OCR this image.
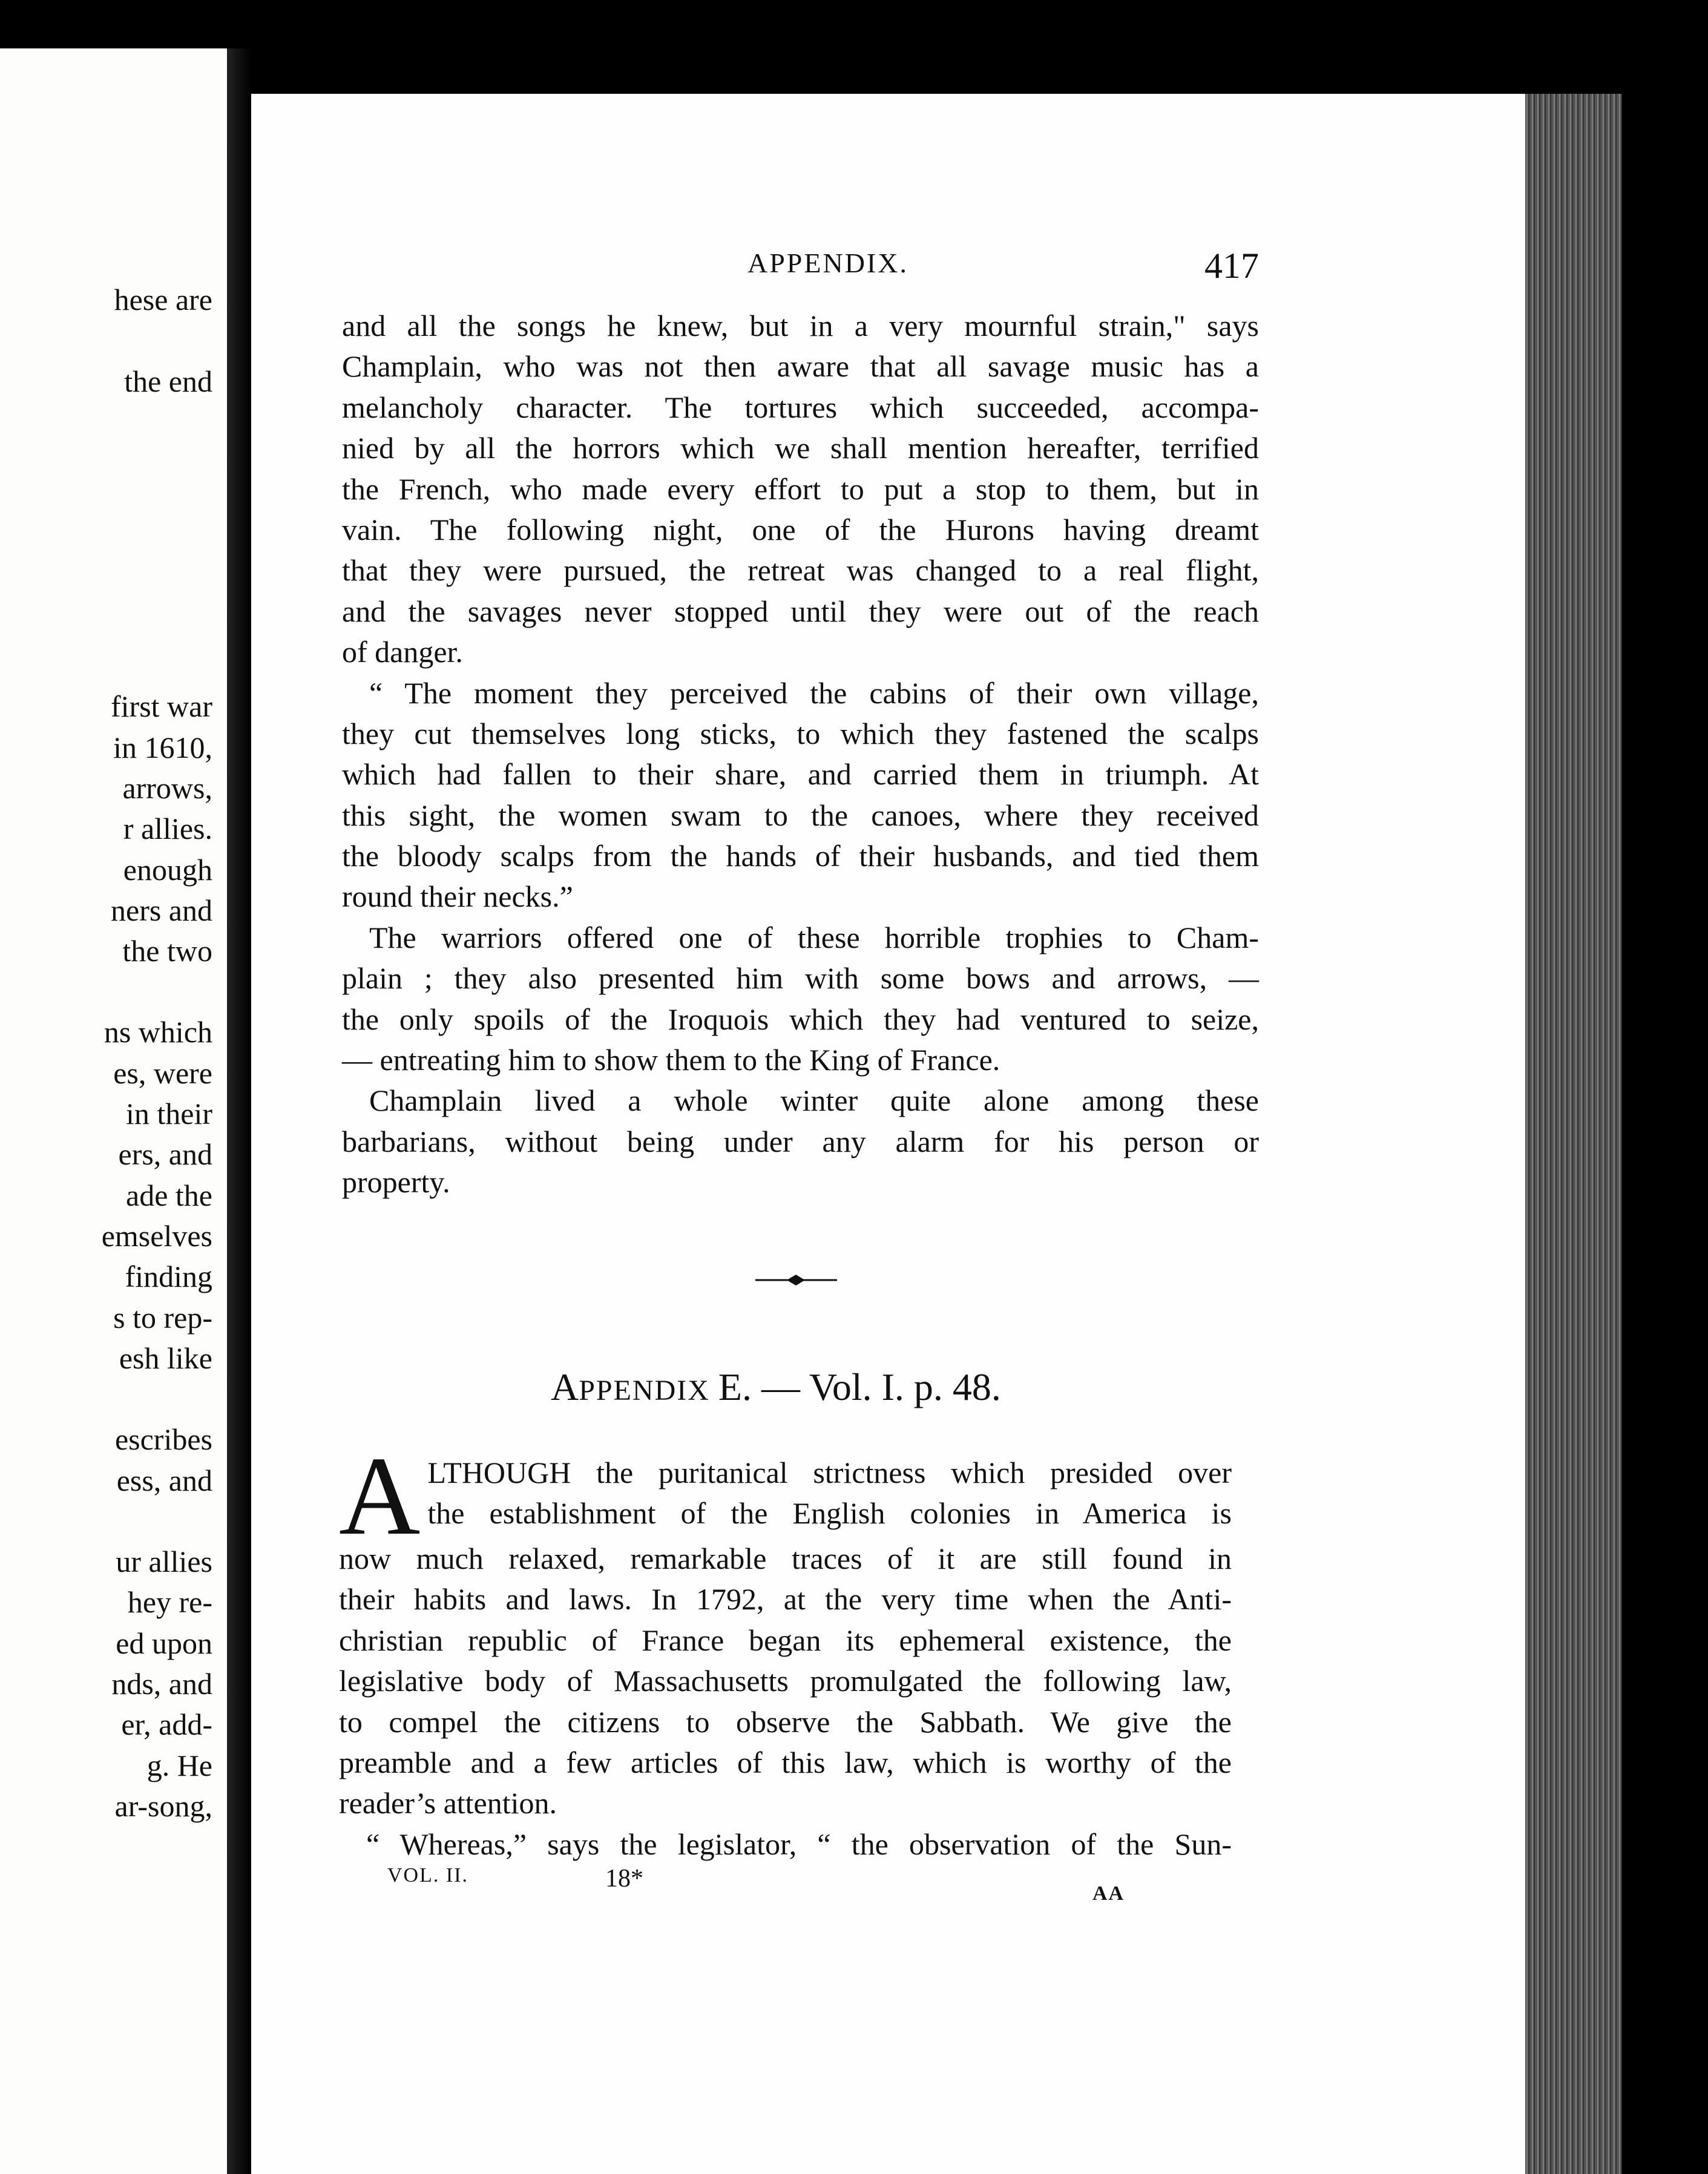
hese are
the end
first war
in 1610,
arrows,
r allies.
enough
ners and
the two
ns which
es, were
in their
ers, and
ade the
emselves
finding
s to rep-
esh like
escribes
ess, and
ur allies
hey re-
ed upon
nds, and
er, add-
g. He
ar-song,
APPENDIX.	417

and all the songs he knew, but in a very mournful strain," says
Champlain, who was not then aware that all savage music has a
melancholy character. The tortures which succeeded, accompa-
nied by all the horrors which we shall mention hereafter, terrified
the French, who made every effort to put a stop to them, but in
vain. The following night, one of the Hurons having dreamt
that they were pursued, the retreat was changed to a real flight,
and the savages never stopped until they were out of the reach
of danger.

“ The moment they perceived the cabins of their own village,
they cut themselves long sticks, to which they fastened the scalps
which had fallen to their share, and carried them in triumph. At
this sight, the women swam to the canoes, where they received
the bloody scalps from the hands of their husbands, and tied them
round their necks.”

The warriors offered one of these horrible trophies to Cham-
plain ; they also presented him with some bows and arrows, —
the only spoils of the Iroquois which they had ventured to seize,
— entreating him to show them to the King of France.

Champlain lived a whole winter quite alone among these
barbarians, without being under any alarm for his person or
property.

APPENDIX E. — Vol. I. p. 48.
A LTHOUGH the puritanical strictness which presided over
the establishment of the English colonies in America is
now much relaxed, remarkable traces of it are still found in
their habits and laws. In 1792, at the very time when the Anti-
christian republic of France began its ephemeral existence, the
legislative body of Massachusetts promulgated the following law,
to compel the citizens to observe the Sabbath. We give the
preamble and a few articles of this law, which is worthy of the
reader’s attention.
“ Whereas,” says the legislator, “ the observation of the Sun-
VOL. II.	18*
AA
